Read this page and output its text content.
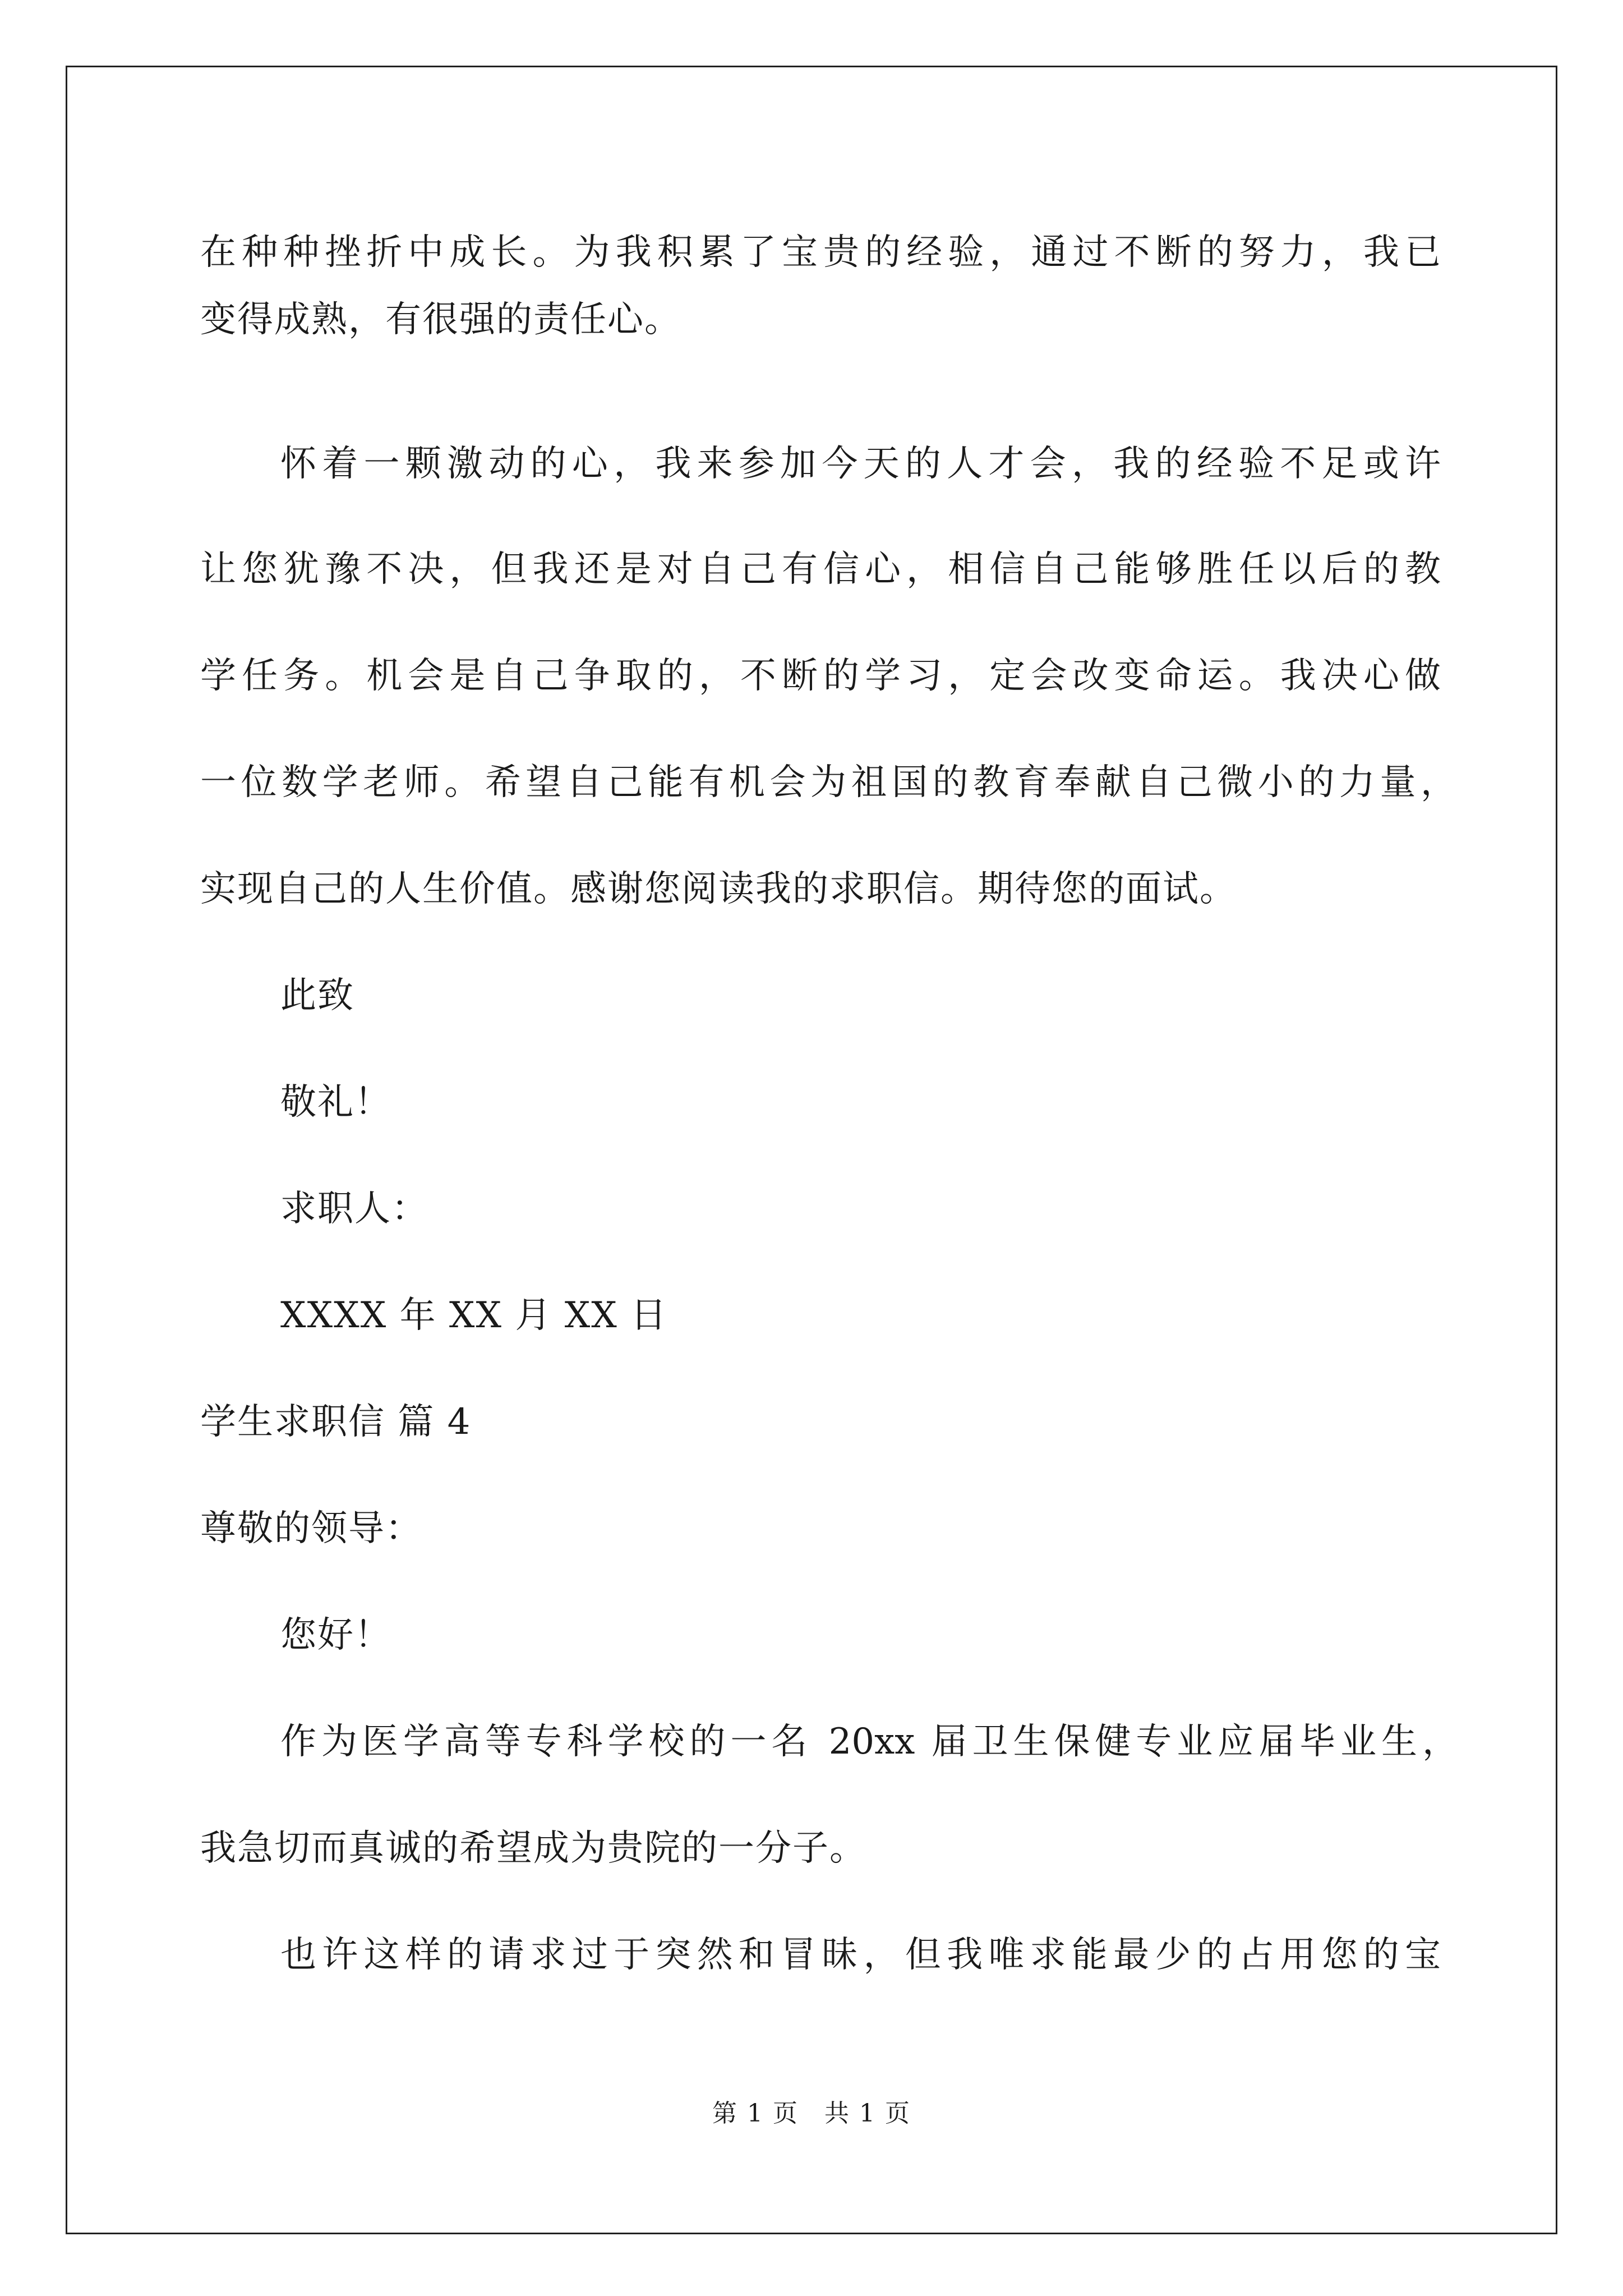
在种种挫折中成长。为我积累了宝贵的经验，通过不断的努力，我已
变得成熟，有很强的责任心。
怀着一颗激动的心，我来参加今天的人才会，我的经验不足或许
让您犹豫不决，但我还是对自己有信心，相信自己能够胜任以后的教
学任务。机会是自己争取的，不断的学习，定会改变命运。我决心做
一位数学老师。希望自己能有机会为祖国的教育奉献自己微小的力量，
实现自己的人生价值。感谢您阅读我的求职信。期待您的面试。
此致
敬礼！
求职人：
XXXX 年 XX 月 XX 日
学生求职信 篇 4
尊敬的领导：
您好！
作为医学高等专科学校的一名 20xx 届卫生保健专业应届毕业生，
我急切而真诚的希望成为贵院的一分子。
也许这样的请求过于突然和冒昧，但我唯求能最少的占用您的宝
第 1 页　共 1 页
